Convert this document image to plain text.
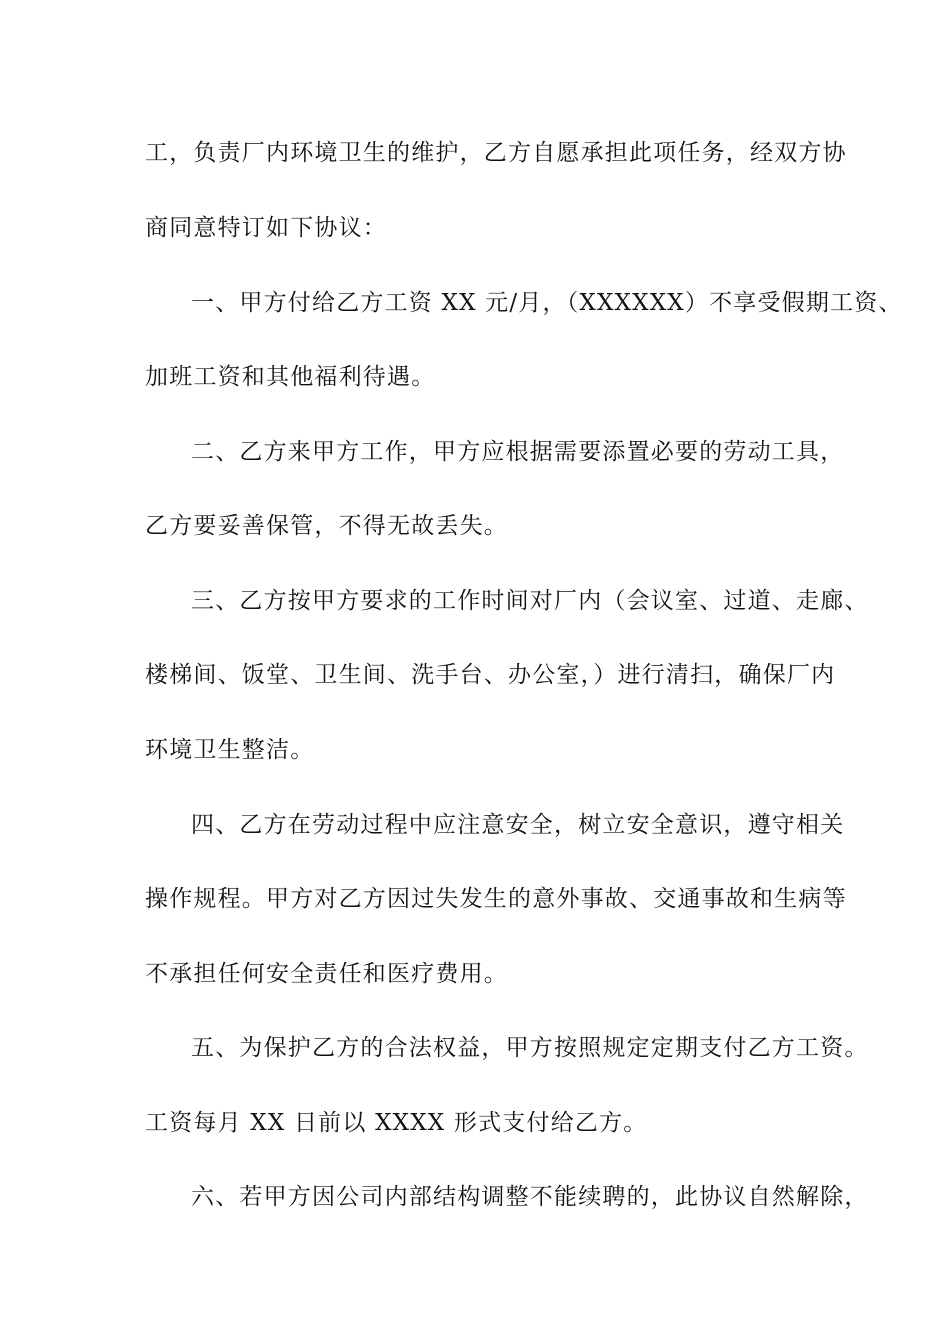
工，负责厂内环境卫生的维护，乙方自愿承担此项任务，经双方协
商同意特订如下协议：
一、甲方付给乙方工资 XX 元/月，（XXXXXX）不享受假期工资、
加班工资和其他福利待遇。
二、乙方来甲方工作，甲方应根据需要添置必要的劳动工具，
乙方要妥善保管，不得无故丢失。
三、乙方按甲方要求的工作时间对厂内（会议室、过道、走廊、
楼梯间、饭堂、卫生间、洗手台、办公室，）进行清扫，确保厂内
环境卫生整洁。
四、乙方在劳动过程中应注意安全，树立安全意识，遵守相关
操作规程。甲方对乙方因过失发生的意外事故、交通事故和生病等
不承担任何安全责任和医疗费用。
五、为保护乙方的合法权益，甲方按照规定定期支付乙方工资。
工资每月 XX 日前以 XXXX 形式支付给乙方。
六、若甲方因公司内部结构调整不能续聘的，此协议自然解除，
